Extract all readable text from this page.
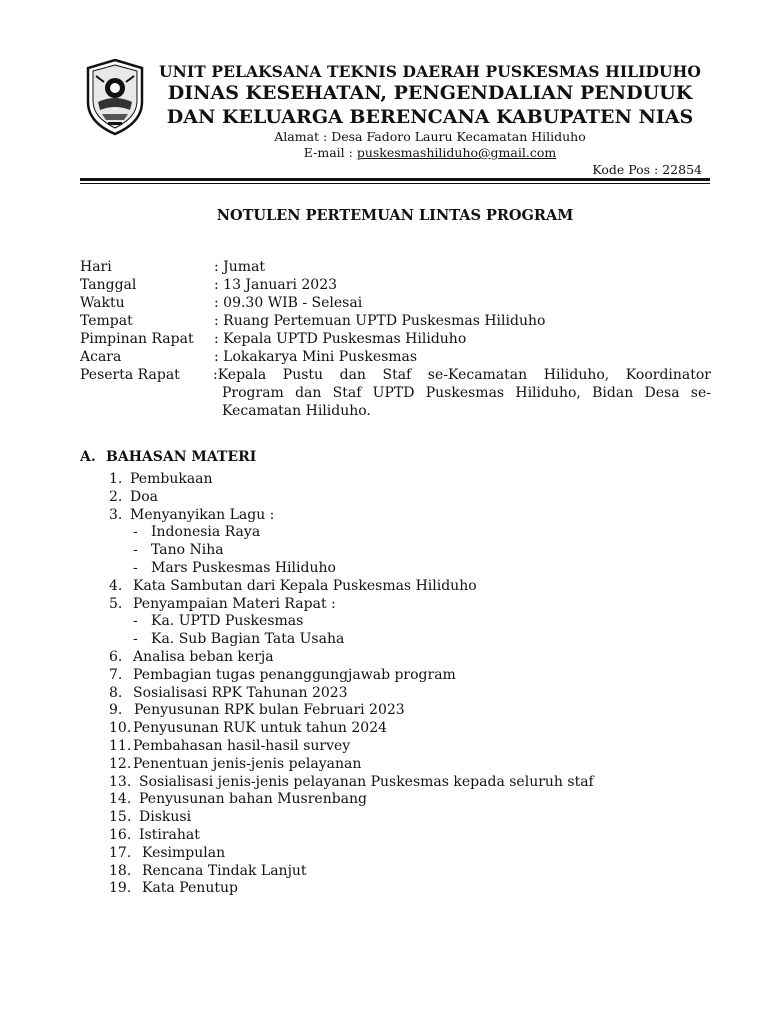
UNIT PELAKSANA TEKNIS DAERAH PUSKESMAS HILIDUHO
DINAS KESEHATAN, PENGENDALIAN PENDUUK
DAN KELUARGA BERENCANA KABUPATEN NIAS
Alamat : Desa Fadoro Lauru Kecamatan Hiliduho
E-mail : puskesmashiliduho@gmail.com
Kode Pos : 22854
NOTULEN PERTEMUAN LINTAS PROGRAM
Hari	: Jumat
Tanggal	: 13 Januari 2023
Waktu	: 09.30 WIB - Selesai
Tempat	: Ruang Pertemuan UPTD Puskesmas Hiliduho
Pimpinan Rapat : Kepala UPTD Puskesmas Hiliduho
Acara	: Lokakarya Mini Puskesmas
Peserta Rapat :Kepala Pustu dan Staf se-Kecamatan Hiliduho, Koordinator
Program dan Staf UPTD Puskesmas Hiliduho, Bidan Desa se-Kecamatan Hiliduho.
A. BAHASAN MATERI
1. Pembukaan
2. Doa
3. Menyanyikan Lagu :
- Indonesia Raya
- Tano Niha
- Mars Puskesmas Hiliduho
4. Kata Sambutan dari Kepala Puskesmas Hiliduho
5. Penyampaian Materi Rapat :
- Ka. UPTD Puskesmas
- Ka. Sub Bagian Tata Usaha
6. Analisa beban kerja
7. Pembagian tugas penanggungjawab program
8. Sosialisasi RPK Tahunan 2023
9. Penyusunan RPK bulan Februari 2023
10. Penyusunan RUK untuk tahun 2024
11. Pembahasan hasil-hasil survey
12. Penentuan jenis-jenis pelayanan
13. Sosialisasi jenis-jenis pelayanan Puskesmas kepada seluruh staf
14. Penyusunan bahan Musrenbang
15. Diskusi
16. Istirahat
17. Kesimpulan
18. Rencana Tindak Lanjut
19. Kata Penutup
